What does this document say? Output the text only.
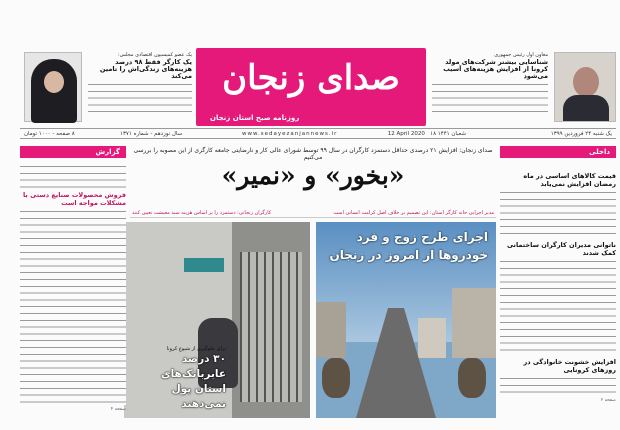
معاون اول رئیس جمهوری
شناسایی بیشتر شرکت‌های مولد کرونا از افزایش هزینه‌های آسیب می‌شود
صدای زنجان
روزنامه صبح استان زنجان
یک عضو کمیسیون اقتصادی مجلس:
یک کارگر فقط ۹۸ درصد هزینه‌های زندگی‌اش را تامین می‌کند
یک شنبه ۲۴ فروردین ۱۳۹۹
12 April 2020 ۱۸ شعبان ۱۴۴۱
www.sedayezanjannews.ir
سال نوزدهم - شماره ۱۳۷۱
۸ صفحه - ۱۰۰۰ تومان
داخلی
گزارش	صدای زنجان: افزایش ۲۱ درصدی حداقل دستمزد کارگران در سال ۹۹ توسط شورای عالی کار و نارضایتی جامعه کارگری از این مصوبه را بررسی می‌کنیم
«بخور» و «نمیر»
مدیر اجرایی خانه کارگر استان: این تصمیم بر خلاف اصل کرامت انسانی است
کارگران زنجانی: دستمزد را بر اساس هزینه سبد معیشت تعیین کنند
اجرای طرح زوج و فرد خودروها از امروز در زنجان
برای جلوگیری از شیوع کرونا
۳۰ درصد عابربانک‌های استان پول نمی‌دهند
قیمت کالاهای اساسی در ماه رمضان افزایش نمی‌یابد
ناتوانی مدیران کارگران ساختمانی کمک شدند
افزایش خشونت خانوادگی در روزهای کرونایی
صفحه ۲
فروش محصولات صنایع دستی با مشکلات مواجه است
صفحه ۴
